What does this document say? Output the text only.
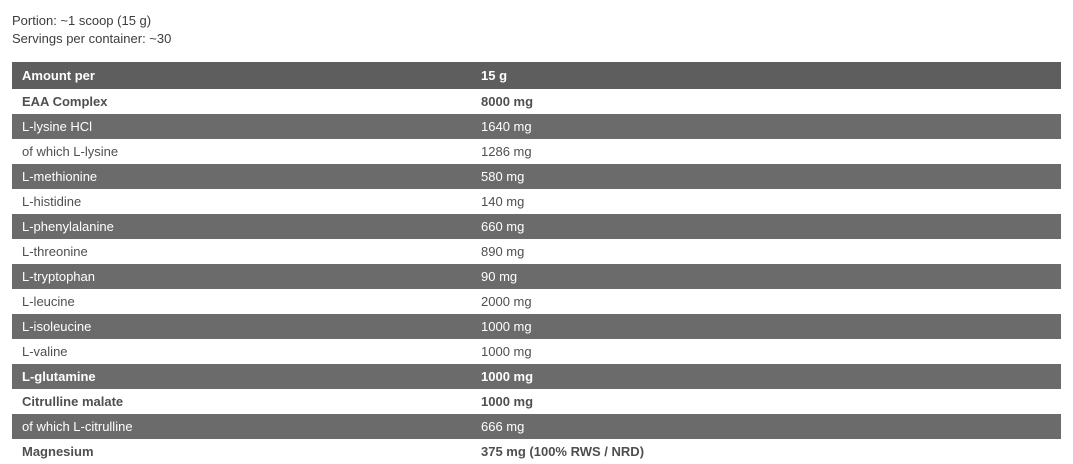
Portion: ~1 scoop (15 g)
Servings per container: ~30
Amount per	15 g
EAA Complex	8000 mg
L-lysine HCl	1640 mg
of which L-lysine	1286 mg
L-methionine	580 mg
L-histidine	140 mg
L-phenylalanine	660 mg
L-threonine	890 mg
L-tryptophan	90 mg
L-leucine	2000 mg
L-isoleucine	1000 mg
L-valine	1000 mg
L-glutamine	1000 mg
Citrulline malate	1000 mg
of which L-citrulline	666 mg
Magnesium	375 mg (100% RWS / NRD)
